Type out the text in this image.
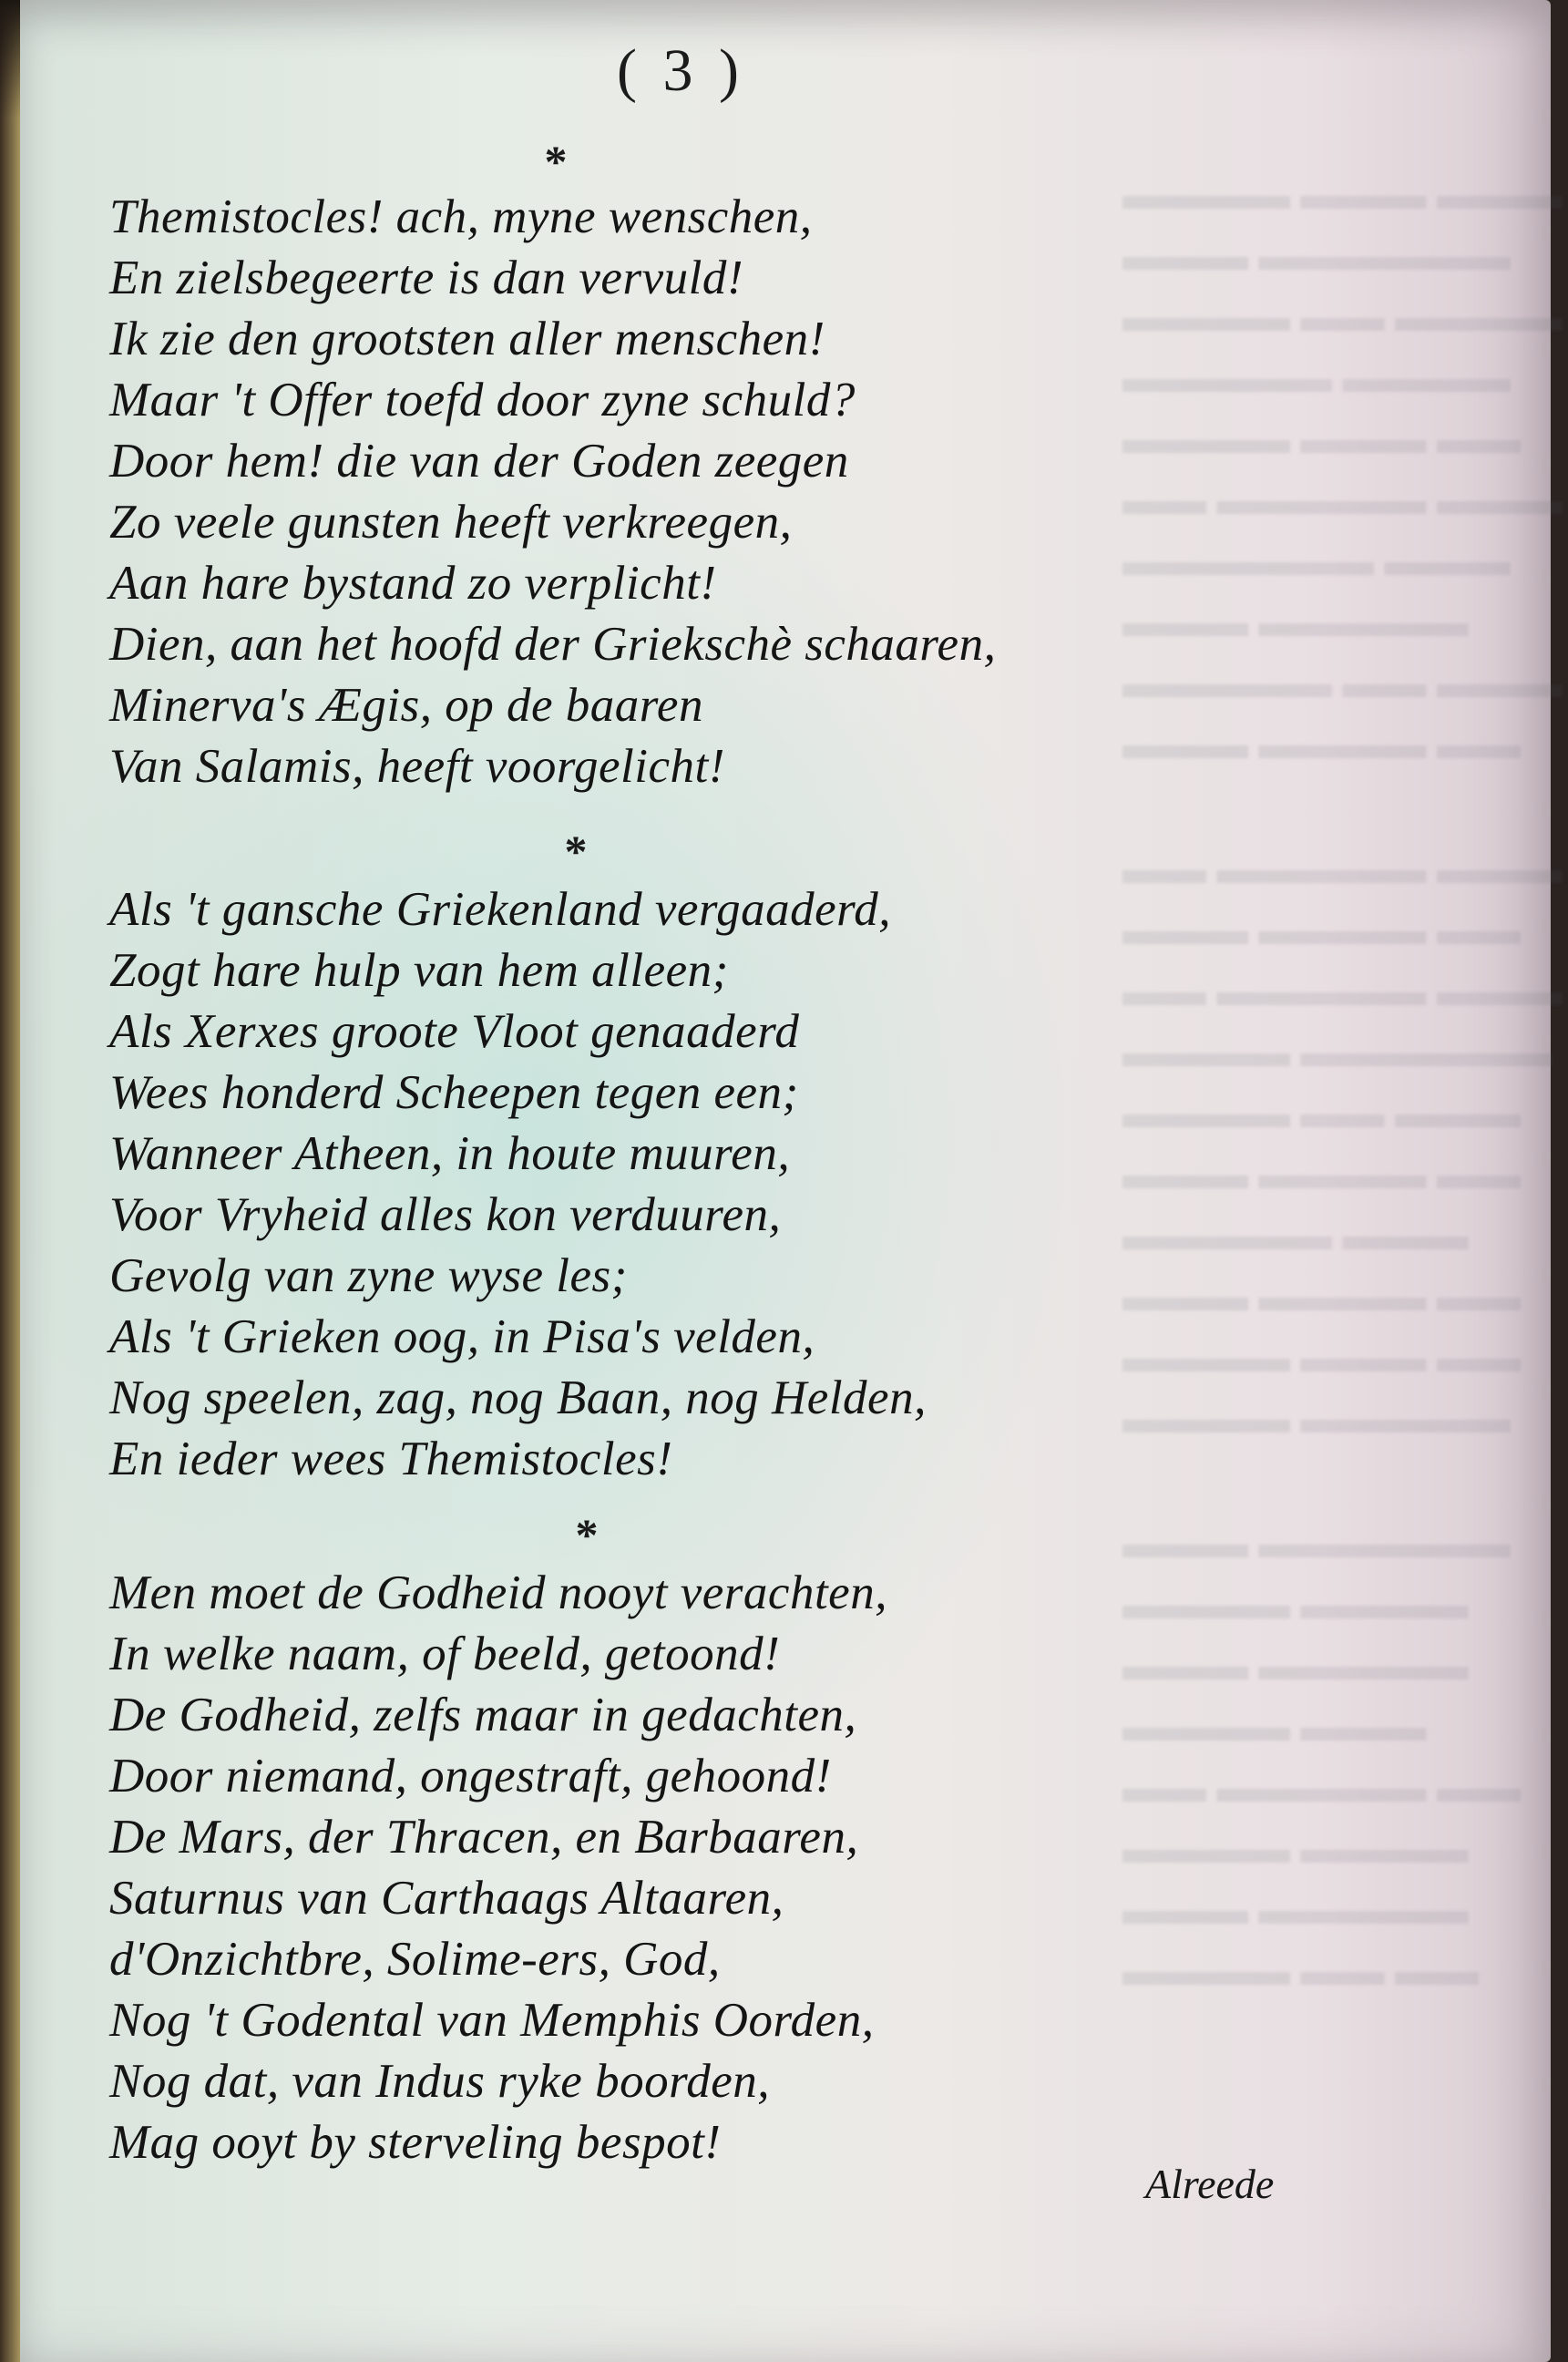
▬▬▬▬ ▬▬▬ ▬▬▬
▬▬▬ ▬▬▬▬▬▬
▬▬▬▬ ▬▬ ▬▬▬▬
▬▬▬▬▬ ▬▬▬▬
▬▬▬▬ ▬▬▬ ▬▬
▬▬ ▬▬▬▬▬ ▬▬▬
▬▬▬▬▬▬ ▬▬▬
▬▬▬ ▬▬▬▬▬
▬▬▬▬▬ ▬▬ ▬▬▬
▬▬▬ ▬▬▬▬ ▬▬
▬▬ ▬▬▬▬▬ ▬▬▬
▬▬▬ ▬▬▬▬ ▬▬
▬▬ ▬▬▬▬▬ ▬▬▬
▬▬▬▬ ▬▬▬▬▬▬
▬▬▬▬ ▬▬ ▬▬▬
▬▬▬ ▬▬▬▬ ▬▬
▬▬▬▬▬ ▬▬▬
▬▬▬ ▬▬▬▬ ▬▬
▬▬▬▬ ▬▬▬ ▬▬
▬▬▬▬ ▬▬▬▬▬
▬▬▬ ▬▬▬▬▬▬
▬▬▬▬ ▬▬▬▬
▬▬▬ ▬▬▬▬▬
▬▬▬▬ ▬▬▬
▬▬ ▬▬▬▬▬ ▬▬
▬▬▬▬ ▬▬▬▬
▬▬▬ ▬▬▬▬▬
▬▬▬▬ ▬▬ ▬▬
( 3 )
*
Themistocles! ach, myne wenschen,
En zielsbegeerte is dan vervuld!
Ik zie den grootsten aller menschen!
Maar 't Offer toefd door zyne schuld?
Door hem! die van der Goden zeegen
Zo veele gunsten heeft verkreegen,
Aan hare bystand zo verplicht!
Dien, aan het hoofd der Griekschè schaaren,
Minerva's Ægis, op de baaren
Van Salamis, heeft voorgelicht!
*
Als 't gansche Griekenland vergaaderd,
Zogt hare hulp van hem alleen;
Als Xerxes groote Vloot genaaderd
Wees honderd Scheepen tegen een;
Wanneer Atheen, in houte muuren,
Voor Vryheid alles kon verduuren,
Gevolg van zyne wyse les;
Als 't Grieken oog, in Pisa's velden,
Nog speelen, zag, nog Baan, nog Helden,
En ieder wees Themistocles!
*
Men moet de Godheid nooyt verachten,
In welke naam, of beeld, getoond!
De Godheid, zelfs maar in gedachten,
Door niemand, ongestraft, gehoond!
De Mars, der Thracen, en Barbaaren,
Saturnus van Carthaags Altaaren,
d'Onzichtbre, Solime-ers, God,
Nog 't Godental van Memphis Oorden,
Nog dat, van Indus ryke boorden,
Mag ooyt by sterveling bespot!
Alreede
